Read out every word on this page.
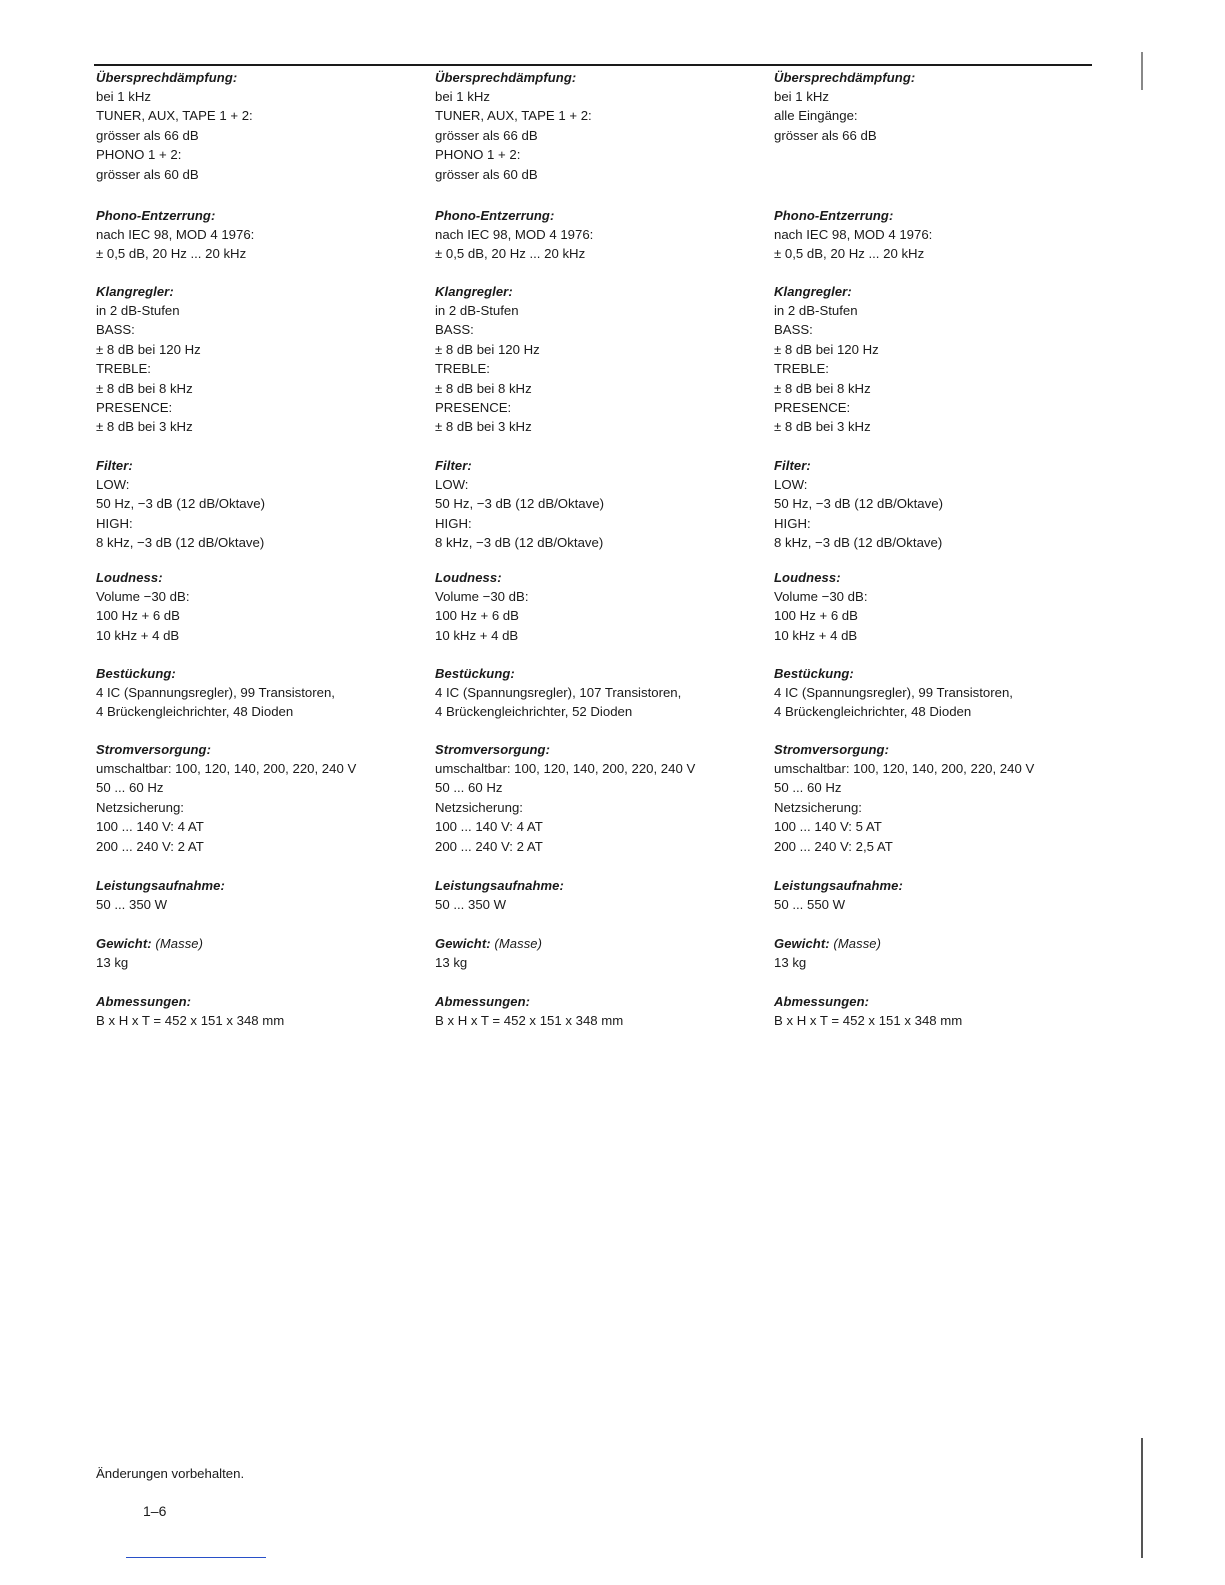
Übersprechdämpfung:
bei 1 kHz
TUNER, AUX, TAPE 1 + 2:
grösser als 66 dB
PHONO 1 + 2:
grösser als 60 dB
Phono-Entzerrung:
nach IEC 98, MOD 4 1976:
± 0,5 dB, 20 Hz ... 20 kHz
Klangregler:
in 2 dB-Stufen
BASS:
± 8 dB bei 120 Hz
TREBLE:
± 8 dB bei 8 kHz
PRESENCE:
± 8 dB bei 3 kHz
Filter:
LOW:
50 Hz, −3 dB (12 dB/Oktave)
HIGH:
8 kHz, −3 dB (12 dB/Oktave)
Loudness:
Volume −30 dB:
100 Hz + 6 dB
10 kHz + 4 dB
Bestückung:
4 IC (Spannungsregler), 99 Transistoren,
4 Brückengleichrichter, 48 Dioden
Stromversorgung:
umschaltbar: 100, 120, 140, 200, 220, 240 V
50 ... 60 Hz
Netzsicherung:
100 ... 140 V: 4 AT
200 ... 240 V: 2 AT
Leistungsaufnahme:
50 ... 350 W
Gewicht: (Masse)
13 kg
Abmessungen:
B x H x T = 452 x 151 x 348 mm
Übersprechdämpfung:
bei 1 kHz
TUNER, AUX, TAPE 1 + 2:
grösser als 66 dB
PHONO 1 + 2:
grösser als 60 dB
Phono-Entzerrung:
nach IEC 98, MOD 4 1976:
± 0,5 dB, 20 Hz ... 20 kHz
Klangregler:
in 2 dB-Stufen
BASS:
± 8 dB bei 120 Hz
TREBLE:
± 8 dB bei 8 kHz
PRESENCE:
± 8 dB bei 3 kHz
Filter:
LOW:
50 Hz, −3 dB (12 dB/Oktave)
HIGH:
8 kHz, −3 dB (12 dB/Oktave)
Loudness:
Volume −30 dB:
100 Hz + 6 dB
10 kHz + 4 dB
Bestückung:
4 IC (Spannungsregler), 107 Transistoren,
4 Brückengleichrichter, 52 Dioden
Stromversorgung:
umschaltbar: 100, 120, 140, 200, 220, 240 V
50 ... 60 Hz
Netzsicherung:
100 ... 140 V: 4 AT
200 ... 240 V: 2 AT
Leistungsaufnahme:
50 ... 350 W
Gewicht: (Masse)
13 kg
Abmessungen:
B x H x T = 452 x 151 x 348 mm
Übersprechdämpfung:
bei 1 kHz
alle Eingänge:
grösser als 66 dB
Phono-Entzerrung:
nach IEC 98, MOD 4 1976:
± 0,5 dB, 20 Hz ... 20 kHz
Klangregler:
in 2 dB-Stufen
BASS:
± 8 dB bei 120 Hz
TREBLE:
± 8 dB bei 8 kHz
PRESENCE:
± 8 dB bei 3 kHz
Filter:
LOW:
50 Hz, −3 dB (12 dB/Oktave)
HIGH:
8 kHz, −3 dB (12 dB/Oktave)
Loudness:
Volume −30 dB:
100 Hz + 6 dB
10 kHz + 4 dB
Bestückung:
4 IC (Spannungsregler), 99 Transistoren,
4 Brückengleichrichter, 48 Dioden
Stromversorgung:
umschaltbar: 100, 120, 140, 200, 220, 240 V
50 ... 60 Hz
Netzsicherung:
100 ... 140 V: 5 AT
200 ... 240 V: 2,5 AT
Leistungsaufnahme:
50 ... 550 W
Gewicht: (Masse)
13 kg
Abmessungen:
B x H x T = 452 x 151 x 348 mm
Änderungen vorbehalten.
1–6
